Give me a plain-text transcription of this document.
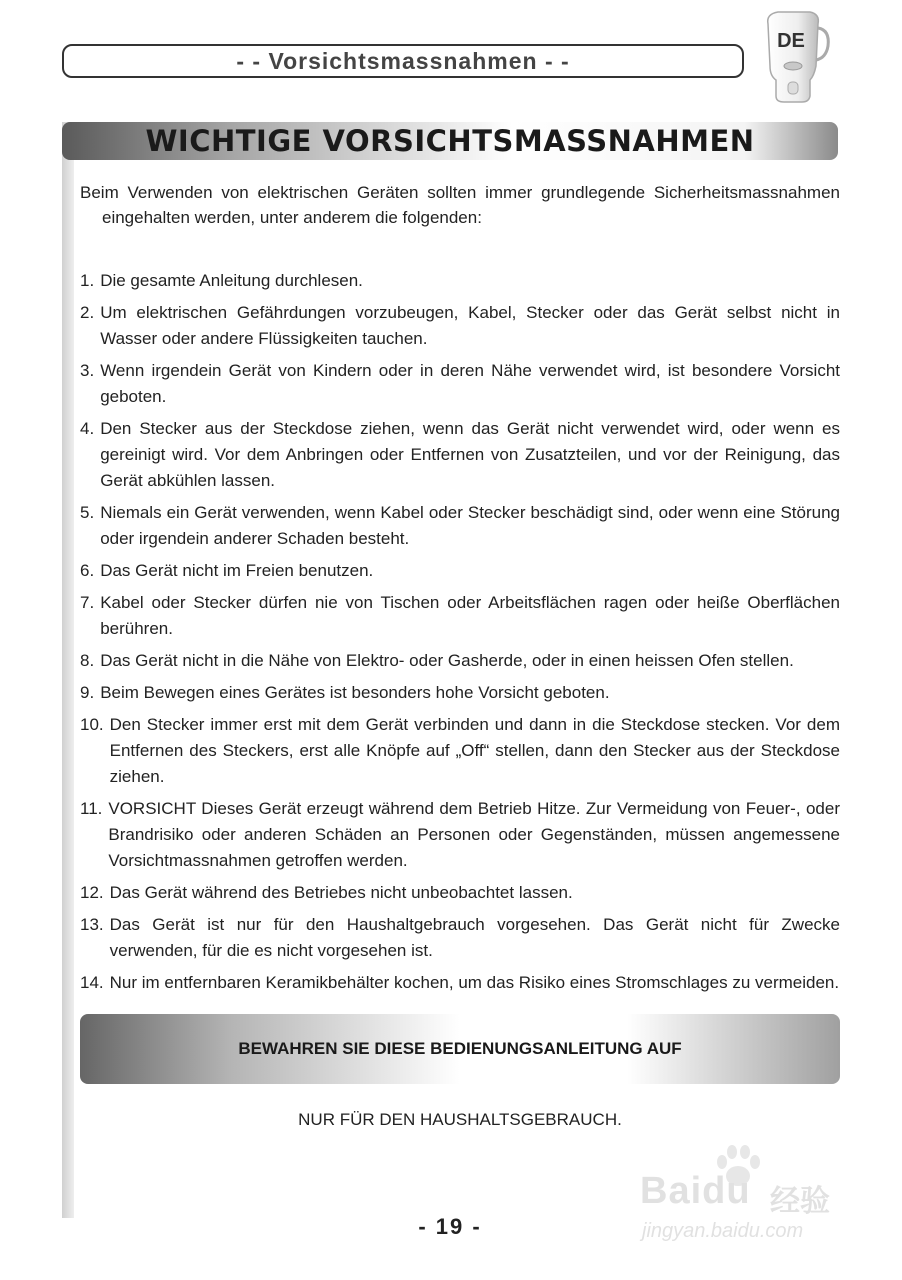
- - Vorsichtsmassnahmen - -
DE
WICHTIGE VORSICHTSMASSNAHMEN
Beim Verwenden von elektrischen Geräten sollten immer grundlegende Sicherheitsmassnahmen eingehalten werden, unter anderem die folgenden:
1. Die gesamte Anleitung durchlesen.
2. Um elektrischen Gefährdungen vorzubeugen, Kabel, Stecker oder das Gerät selbst nicht in Wasser oder andere Flüssigkeiten tauchen.
3. Wenn irgendein Gerät von Kindern oder in deren Nähe verwendet wird, ist besondere Vorsicht geboten.
4. Den Stecker aus der Steckdose ziehen, wenn das Gerät nicht verwendet wird, oder wenn es gereinigt wird. Vor dem Anbringen oder Entfernen von Zusatzteilen, und vor der Reinigung, das Gerät abkühlen lassen.
5. Niemals ein Gerät verwenden, wenn Kabel oder Stecker beschädigt sind, oder wenn eine Störung oder irgendein anderer Schaden besteht.
6. Das Gerät nicht im Freien benutzen.
7. Kabel oder Stecker dürfen nie von Tischen oder Arbeitsflächen ragen oder heiße Oberflächen berühren.
8. Das Gerät nicht in die Nähe von Elektro- oder Gasherde, oder in einen heissen Ofen stellen.
9. Beim Bewegen eines Gerätes ist besonders hohe Vorsicht geboten.
10. Den Stecker immer erst mit dem Gerät verbinden und dann in die Steckdose stecken. Vor dem Entfernen des Steckers, erst alle Knöpfe auf „Off“ stellen, dann den Stecker aus der Steckdose ziehen.
11. VORSICHT Dieses Gerät erzeugt während dem Betrieb Hitze. Zur Vermeidung von Feuer-, oder Brandrisiko oder anderen Schäden an Personen oder Gegenständen, müssen angemessene Vorsichtmassnahmen getroffen werden.
12. Das Gerät während des Betriebes nicht unbeobachtet lassen.
13. Das Gerät ist nur für den Haushaltgebrauch vorgesehen. Das Gerät nicht für Zwecke verwenden, für die es nicht vorgesehen ist.
14. Nur im entfernbaren Keramikbehälter kochen, um das Risiko eines Stromschlages zu vermeiden.
BEWAHREN SIE DIESE BEDIENUNGSANLEITUNG AUF
NUR FÜR DEN HAUSHALTSGEBRAUCH.
- 19 -
Baidu 经验
jingyan.baidu.com
